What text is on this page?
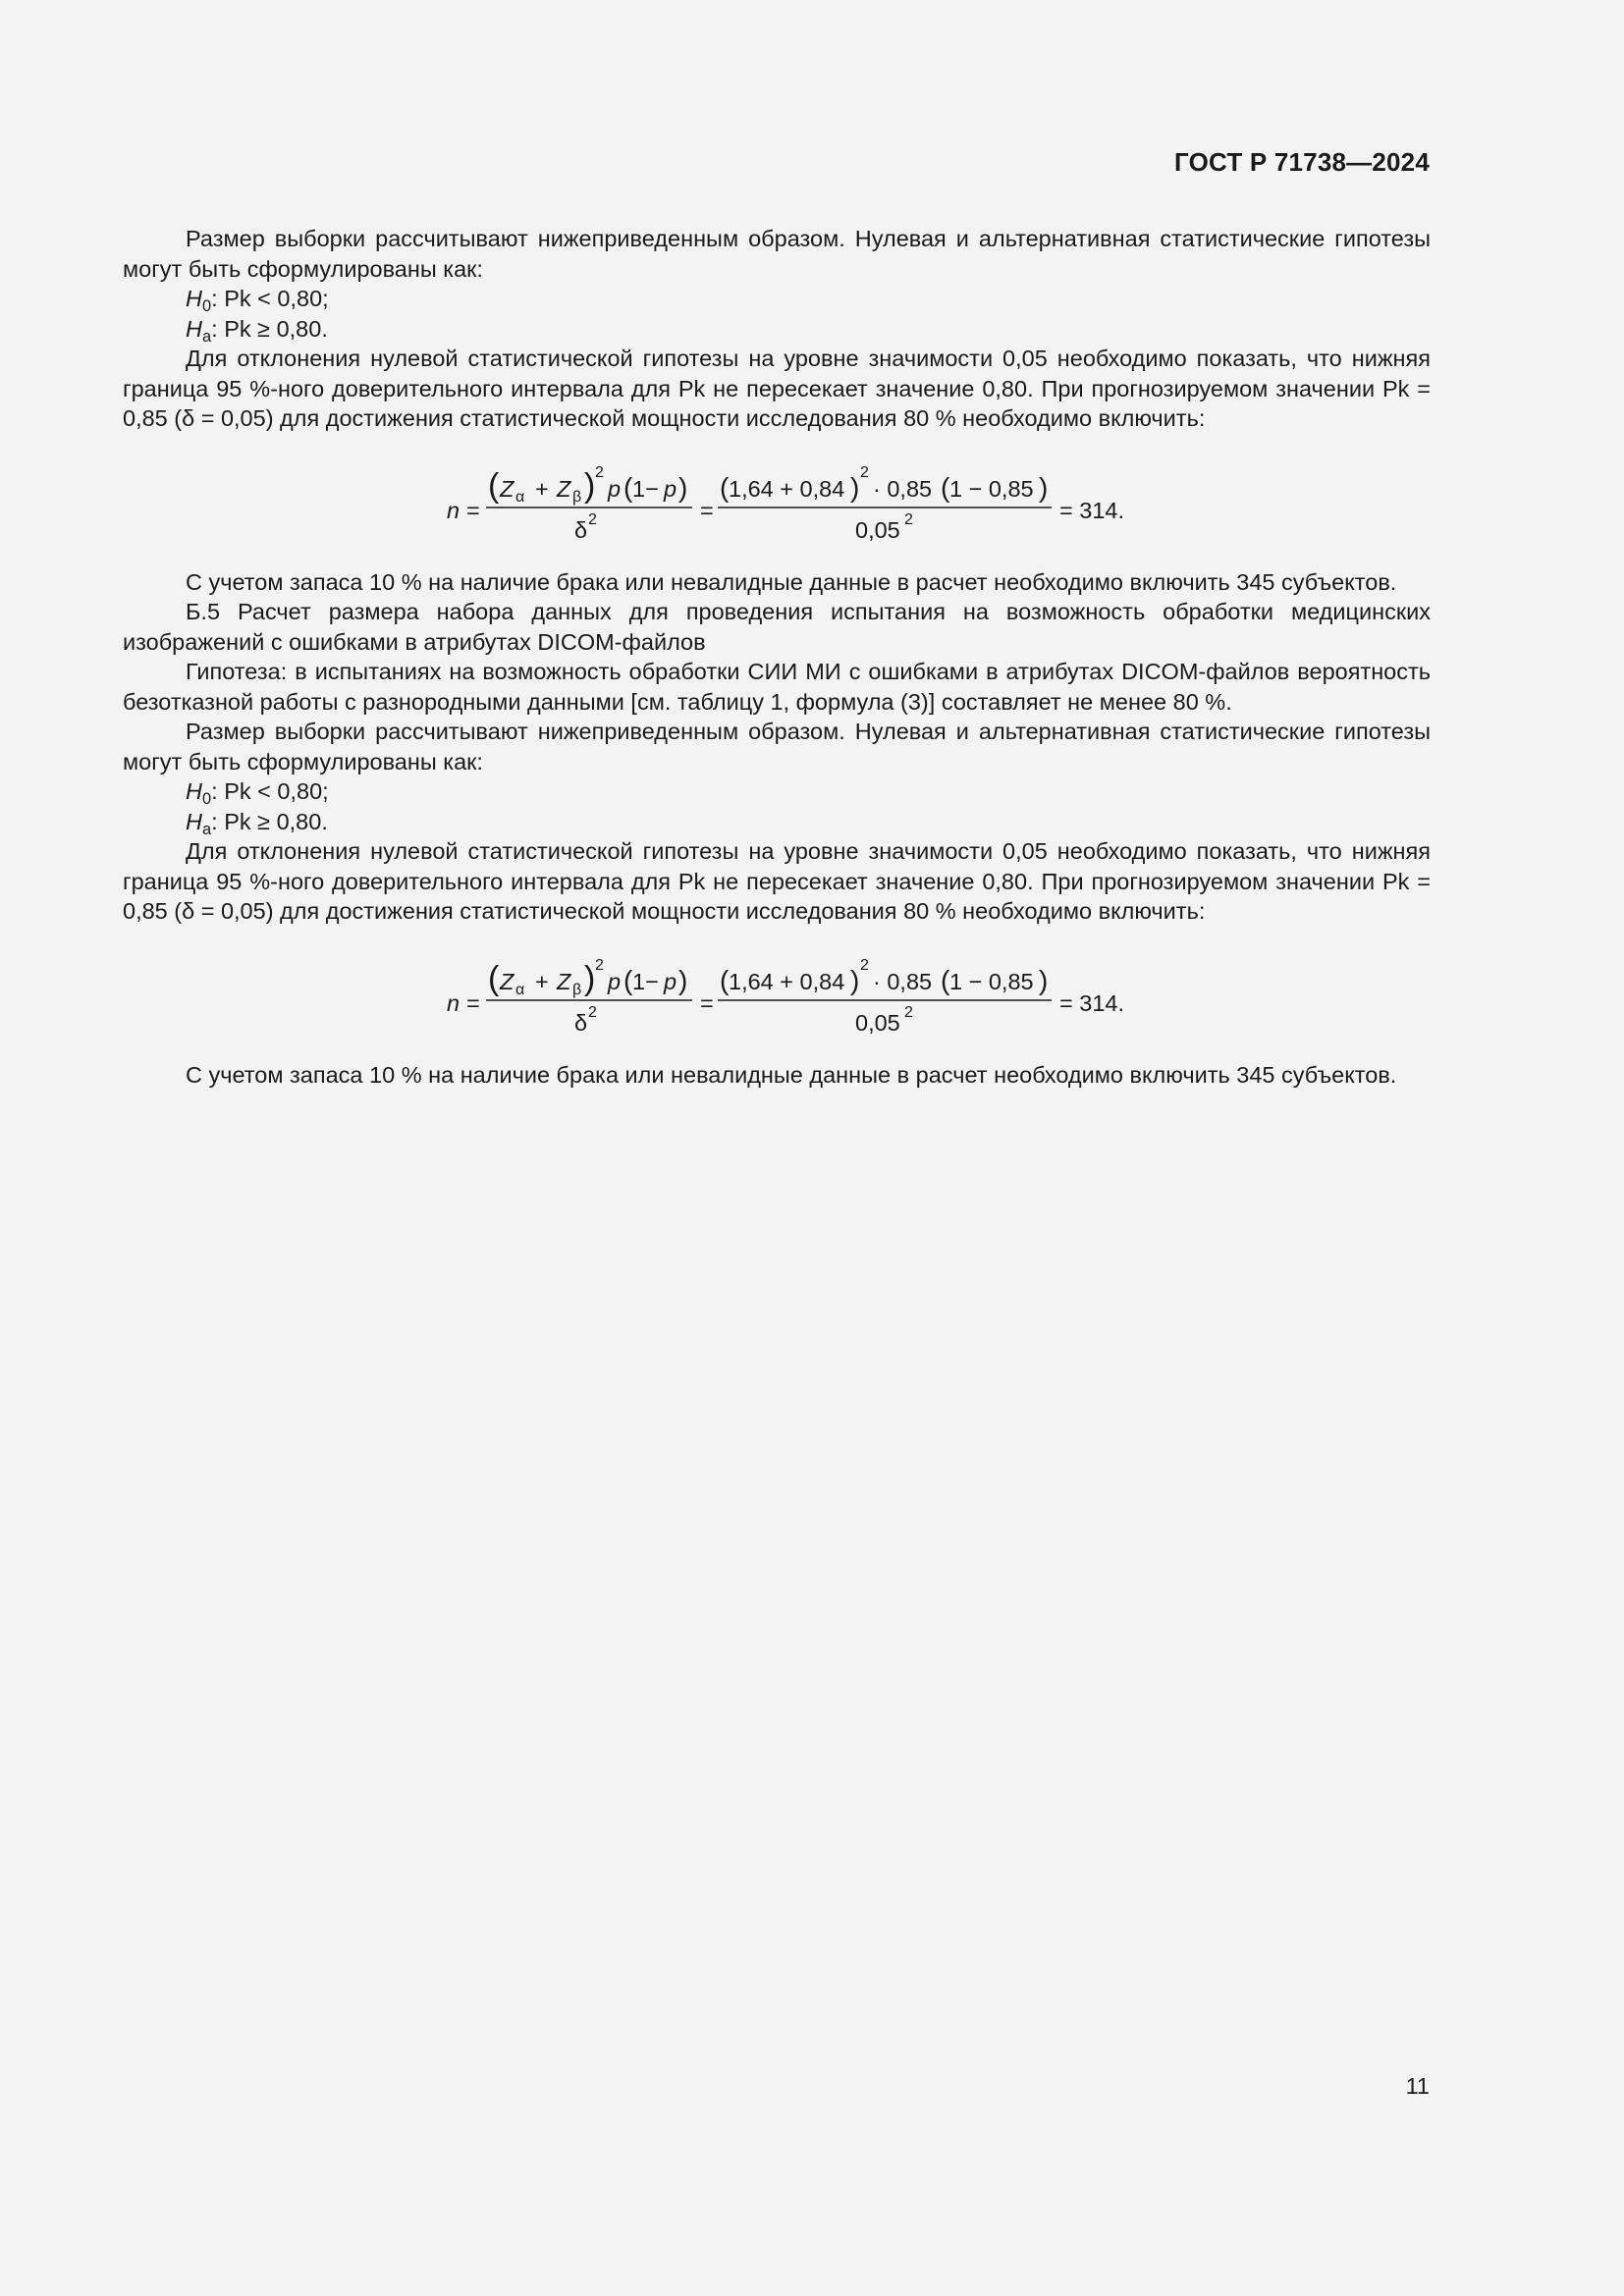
ГОСТ Р 71738—2024

Размер выборки рассчитывают нижеприведенным образом. Нулевая и альтернативная статистические гипотезы могут быть сформулированы как:

$H_0$: Pk < 0,80;

$H_a$: Pk ≥ 0,80.

Для отклонения нулевой статистической гипотезы на уровне значимости 0,05 необходимо показать, что нижняя граница 95 %-ного доверительного интервала для Pk не пересекает значение 0,80. При прогнозируемом значении Pk = 0,85 (δ = 0,05) для достижения статистической мощности исследования 80 % необходимо включить:

n =
( Z α + Z β ) 2
p ( 1− p )
δ 2	=
( 1,64 + 0,84 ) 2
· 0,85 ( 1 − 0,85 )
0,05 2	= 314.

С учетом запаса 10 % на наличие брака или невалидные данные в расчет необходимо включить 345 субъектов.

Б.5 Расчет размера набора данных для проведения испытания на возможность обработки медицинских изображений с ошибками в атрибутах DICOM-файлов

Гипотеза: в испытаниях на возможность обработки СИИ МИ с ошибками в атрибутах DICOM-файлов вероятность безотказной работы с разнородными данными [см. таблицу 1, формула (3)] составляет не менее 80 %.

Размер выборки рассчитывают нижеприведенным образом. Нулевая и альтернативная статистические гипотезы могут быть сформулированы как:

$H_0$: Pk < 0,80;

$H_a$: Pk ≥ 0,80.

Для отклонения нулевой статистической гипотезы на уровне значимости 0,05 необходимо показать, что нижняя граница 95 %-ного доверительного интервала для Pk не пересекает значение 0,80. При прогнозируемом значении Pk = 0,85 (δ = 0,05) для достижения статистической мощности исследования 80 % необходимо включить:

n =
( Z α + Z β ) 2
p ( 1− p )
δ 2	=
( 1,64 + 0,84 ) 2
· 0,85 ( 1 − 0,85 )
0,05 2	= 314.

С учетом запаса 10 % на наличие брака или невалидные данные в расчет необходимо включить 345 субъектов.

11
